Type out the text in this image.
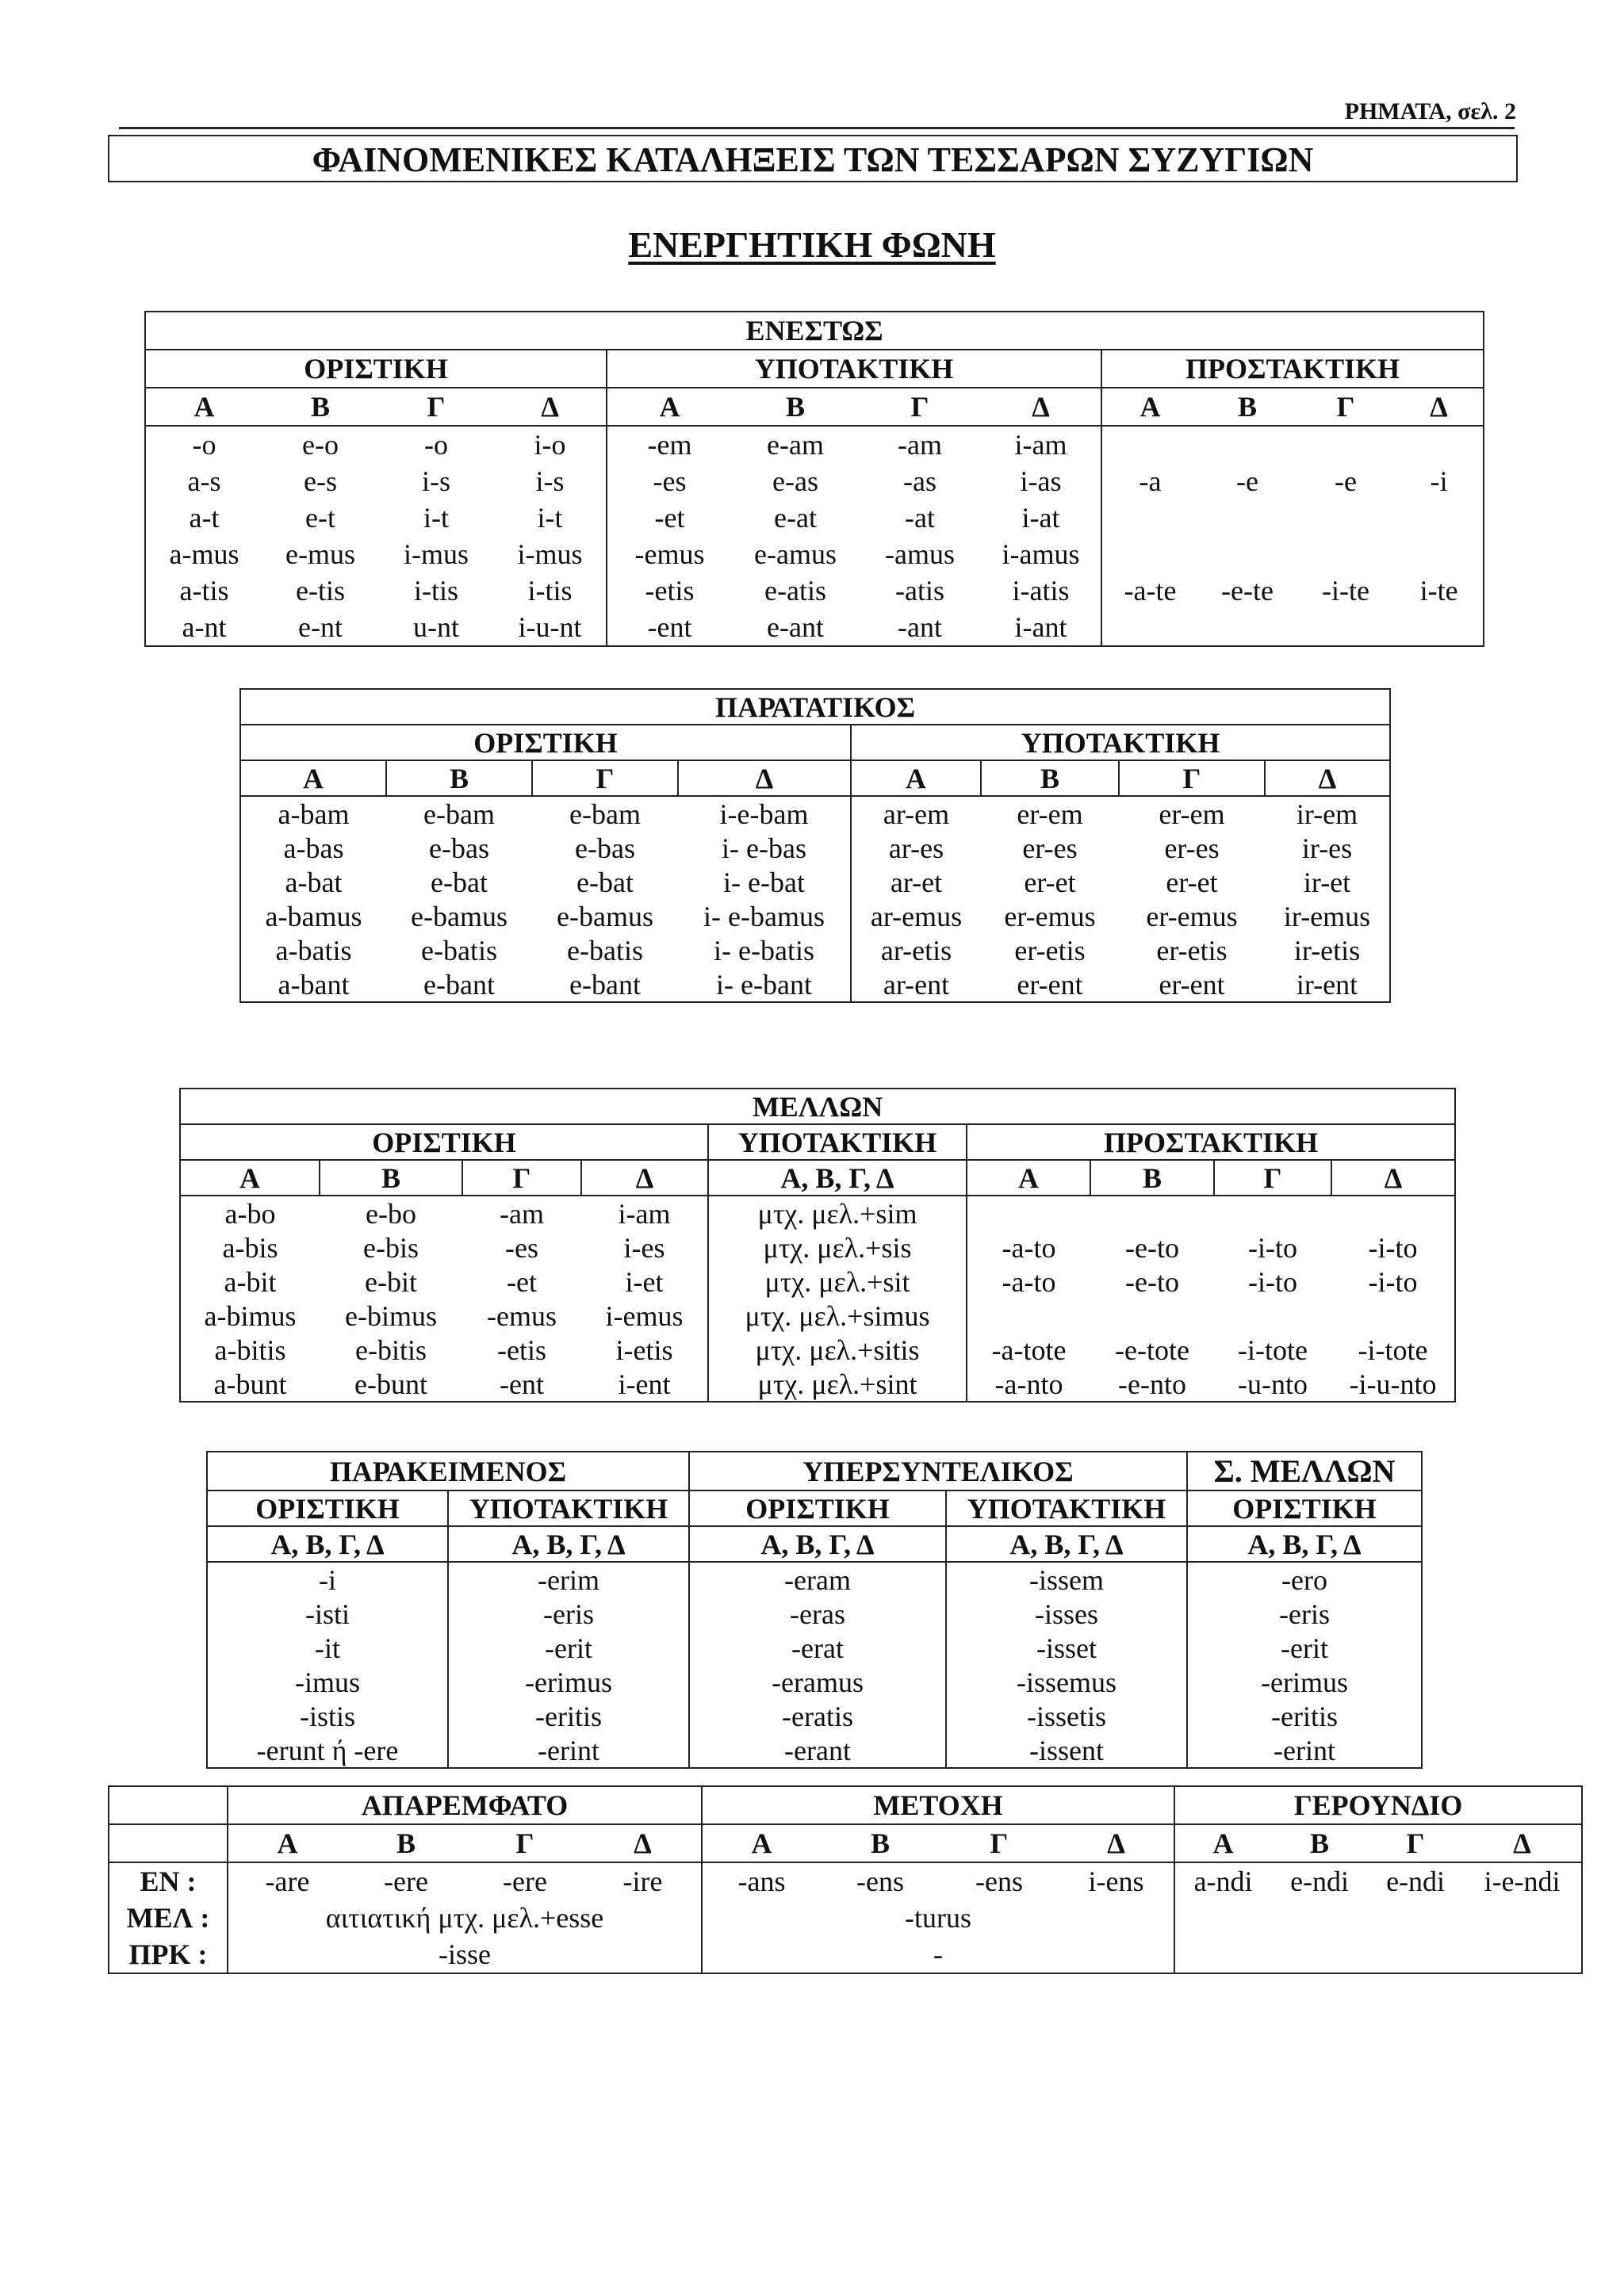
ΡΗΜΑΤΑ, σελ. 2
ΦΑΙΝΟΜΕΝΙΚΕΣ ΚΑΤΑΛΗΞΕΙΣ ΤΩΝ ΤΕΣΣΑΡΩΝ ΣΥΖΥΓΙΩΝ
ΕΝΕΡΓΗΤΙΚΗ ΦΩΝΗ
ΕΝΕΣΤΩΣ											
ΟΡΙΣΤΙΚΗ				ΥΠΟΤΑΚΤΙΚΗ				ΠΡΟΣΤΑΚΤΙΚΗ			
Α	Β	Γ	Δ	Α	Β	Γ	Δ	Α	Β	Γ	Δ
-o	e-o	-o	i-o	-em	e-am	-am	i-am				
a-s	e-s	i-s	i-s	-es	e-as	-as	i-as	-a	-e	-e	-i
a-t	e-t	i-t	i-t	-et	e-at	-at	i-at				
a-mus	e-mus	i-mus	i-mus	-emus	e-amus	-amus	i-amus				
a-tis	e-tis	i-tis	i-tis	-etis	e-atis	-atis	i-atis	-a-te	-e-te	-i-te	i-te
a-nt	e-nt	u-nt	i-u-nt	-ent	e-ant	-ant	i-ant				
ΠΑΡΑΤΑΤΙΚΟΣ							
ΟΡΙΣΤΙΚΗ				ΥΠΟΤΑΚΤΙΚΗ			
Α	Β	Γ	Δ	Α	Β	Γ	Δ
a-bam	e-bam	e-bam	i-e-bam	ar-em	er-em	er-em	ir-em
a-bas	e-bas	e-bas	i- e-bas	ar-es	er-es	er-es	ir-es
a-bat	e-bat	e-bat	i- e-bat	ar-et	er-et	er-et	ir-et
a-bamus	e-bamus	e-bamus	i- e-bamus	ar-emus	er-emus	er-emus	ir-emus
a-batis	e-batis	e-batis	i- e-batis	ar-etis	er-etis	er-etis	ir-etis
a-bant	e-bant	e-bant	i- e-bant	ar-ent	er-ent	er-ent	ir-ent
ΜΕΛΛΩΝ								
ΟΡΙΣΤΙΚΗ				ΥΠΟΤΑΚΤΙΚΗ	ΠΡΟΣΤΑΚΤΙΚΗ			
Α	Β	Γ	Δ	Α, Β, Γ, Δ	Α	Β	Γ	Δ
a-bo	e-bo	-am	i-am	μτχ. μελ.+sim				
a-bis	e-bis	-es	i-es	μτχ. μελ.+sis	-a-to	-e-to	-i-to	-i-to
a-bit	e-bit	-et	i-et	μτχ. μελ.+sit	-a-to	-e-to	-i-to	-i-to
a-bimus	e-bimus	-emus	i-emus	μτχ. μελ.+simus				
a-bitis	e-bitis	-etis	i-etis	μτχ. μελ.+sitis	-a-tote	-e-tote	-i-tote	-i-tote
a-bunt	e-bunt	-ent	i-ent	μτχ. μελ.+sint	-a-nto	-e-nto	-u-nto	-i-u-nto
ΠΑΡΑΚΕΙΜΕΝΟΣ		ΥΠΕΡΣΥΝΤΕΛΙΚΟΣ		Σ. ΜΕΛΛΩΝ
ΟΡΙΣΤΙΚΗ	ΥΠΟΤΑΚΤΙΚΗ	ΟΡΙΣΤΙΚΗ	ΥΠΟΤΑΚΤΙΚΗ	ΟΡΙΣΤΙΚΗ
Α, Β, Γ, Δ	Α, Β, Γ, Δ	Α, Β, Γ, Δ	Α, Β, Γ, Δ	Α, Β, Γ, Δ
-i	-erim	-eram	-issem	-ero
-isti	-eris	-eras	-isses	-eris
-it	-erit	-erat	-isset	-erit
-imus	-erimus	-eramus	-issemus	-erimus
-istis	-eritis	-eratis	-issetis	-eritis
-erunt ή -ere	-erint	-erant	-issent	-erint
	ΑΠΑΡΕΜΦΑΤΟ				ΜΕΤΟΧΗ				ΓΕΡΟΥΝΔΙΟ			
	Α	Β	Γ	Δ	Α	Β	Γ	Δ	Α	Β	Γ	Δ
ΕΝ :	-are	-ere	-ere	-ire	-ans	-ens	-ens	i-ens	a-ndi	e-ndi	e-ndi	i-e-ndi
ΜΕΛ :	αιτιατική μτχ. μελ.+esse				-turus							
ΠΡΚ :	-isse				-							
